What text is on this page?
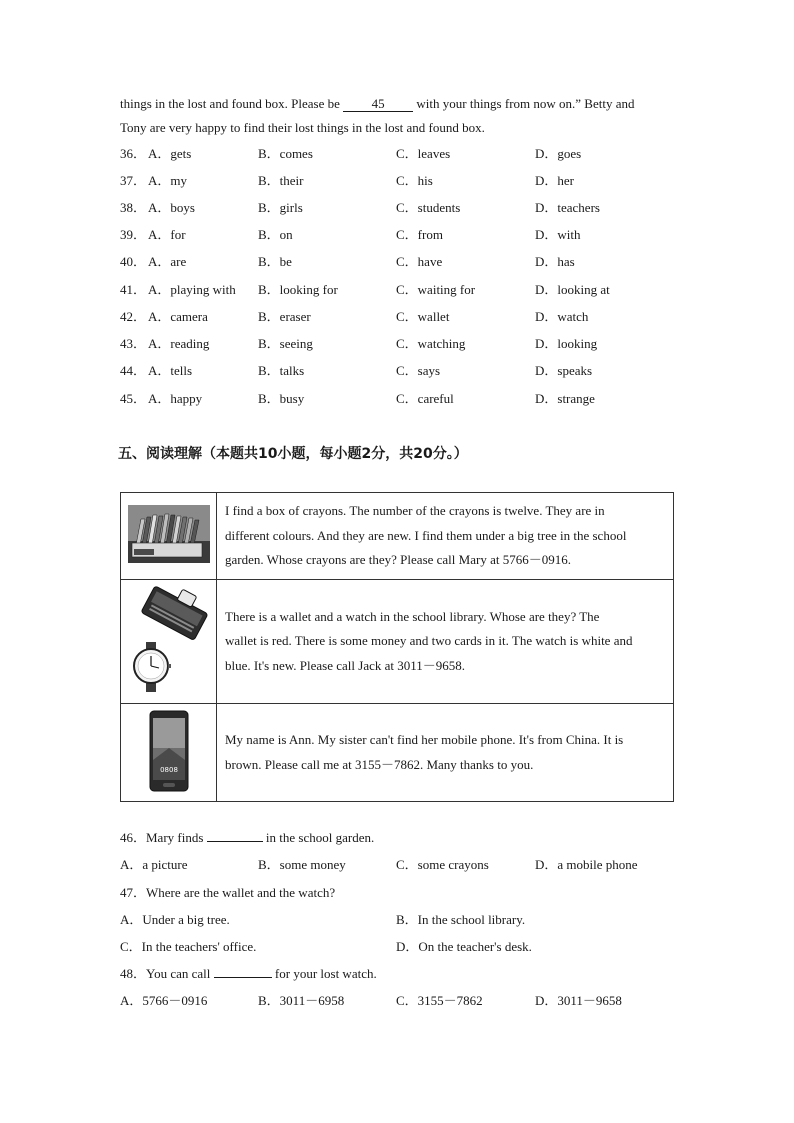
things in the lost and found box. Please be 45 with your things from now on.” Betty and
Tony are very happy to find their lost things in the lost and found box.
36． A．gets	B．comes	C．leaves	D．goes
37． A．my	B．their	C．his	D．her
38． A．boys	B．girls	C．students	D．teachers
39． A．for	B．on	C．from	D．with
40． A．are	B．be	C．have	D．has
41． A．playing with B．looking for	C．waiting for	D．looking at
42． A．camera	B．eraser	C．wallet	D．watch
43． A．reading	B．seeing	C．watching	D．looking
44． A．tells	B．talks	C．says	D．speaks
45． A．happy	B．busy	C．careful	D．strange
五、阅读理解（本题共10小题，每小题2分，共20分。）

I find a box of crayons. The number of the crayons is twelve. They are in
different colours. And they are new. I find them under a big tree in the school
garden. Whose crayons are they? Please call Mary at 5766－0916.

There is a wallet and a watch in the school library. Whose are they? The
wallet is red. There is some money and two cards in it. The watch is white and
blue. It's new. Please call Jack at 3011－9658.

0808	My name is Ann. My sister can't find her mobile phone. It's from China. It is
brown. Please call me at 3155－7862. Many thanks to you.
46．Mary finds	in the school garden.
A．a picture	B．some money	C．some crayons	D．a mobile phone
47．Where are the wallet and the watch?
A．Under a big tree.	B．In the school library.
C．In the teachers' office.	D．On the teacher's desk.
48．You can call	for your lost watch.
A．5766－0916	B．3011－6958	C．3155－7862	D．3011－9658
